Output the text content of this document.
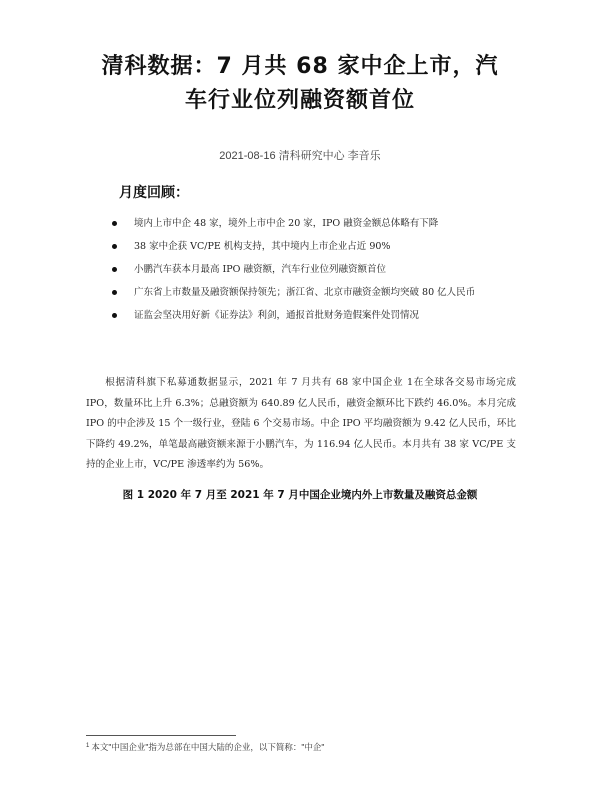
清科数据：7 月共 68 家中企上市，汽
车行业位列融资额首位
2021-08-16 清科研究中心 李音乐
月度回顾：
境内上市中企 48 家，境外上市中企 20 家，IPO 融资金额总体略有下降
38 家中企获 VC/PE 机构支持，其中境内上市企业占近 90%
小鹏汽车获本月最高 IPO 融资额，汽车行业位列融资额首位
广东省上市数量及融资额保持领先；浙江省、北京市融资金额均突破 80 亿人民币
证监会坚决用好新《证券法》利剑，通报首批财务造假案件处罚情况

根据清科旗下私募通数据显示，2021 年 7 月共有 68 家中国企业 1在全球各交易市场完成 IPO，数量环比上升 6.3%；总融资额为 640.89 亿人民币，融资金额环比下跌约 46.0%。本月完成 IPO 的中企涉及 15 个一级行业，登陆 6 个交易市场。中企 IPO 平均融资额为 9.42 亿人民币，环比下降约 49.2%，单笔最高融资额来源于小鹏汽车，为 116.94 亿人民币。本月共有 38 家 VC/PE 支持的企业上市，VC/PE 渗透率约为 56%。

图 1 2020 年 7 月至 2021 年 7 月中国企业境内外上市数量及融资总金额
$^1$ 本文"中国企业"指为总部在中国大陆的企业，以下简称："中企"
